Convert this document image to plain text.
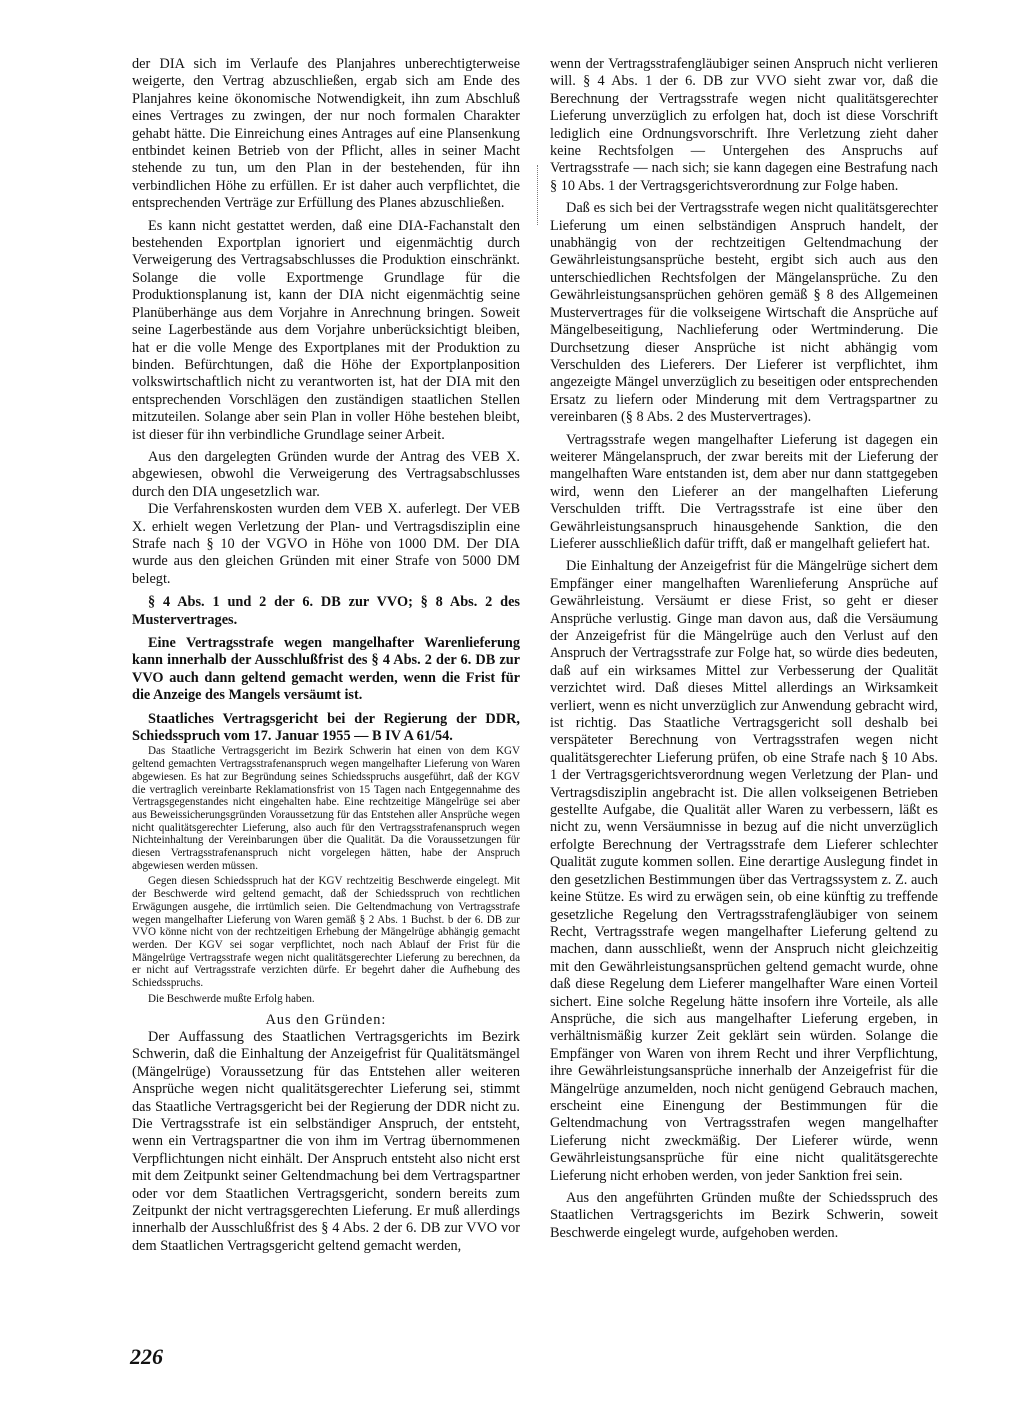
der DIA sich im Verlaufe des Planjahres unberechtigterweise weigerte, den Vertrag abzuschließen, ergab sich am Ende des Planjahres keine ökonomische Notwendigkeit, ihn zum Abschluß eines Vertrages zu zwingen, der nur noch formalen Charakter gehabt hätte. Die Einreichung eines Antrages auf eine Plansenkung entbindet keinen Betrieb von der Pflicht, alles in seiner Macht stehende zu tun, um den Plan in der bestehenden, für ihn verbindlichen Höhe zu erfüllen. Er ist daher auch verpflichtet, die entsprechenden Verträge zur Erfüllung des Planes abzuschließen.

Es kann nicht gestattet werden, daß eine DIA-Fachanstalt den bestehenden Exportplan ignoriert und eigenmächtig durch Verweigerung des Vertragsabschlusses die Produktion einschränkt. Solange die volle Exportmenge Grundlage für die Produktionsplanung ist, kann der DIA nicht eigenmächtig seine Planüberhänge aus dem Vorjahre in Anrechnung bringen. Soweit seine Lagerbestände aus dem Vorjahre unberücksichtigt bleiben, hat er die volle Menge des Exportplanes mit der Produktion zu binden. Befürchtungen, daß die Höhe der Exportplanposition volkswirtschaftlich nicht zu verantworten ist, hat der DIA mit den entsprechenden Vorschlägen den zuständigen staatlichen Stellen mitzuteilen. Solange aber sein Plan in voller Höhe bestehen bleibt, ist dieser für ihn verbindliche Grundlage seiner Arbeit.

Aus den dargelegten Gründen wurde der Antrag des VEB X. abgewiesen, obwohl die Verweigerung des Vertragsabschlusses durch den DIA ungesetzlich war.

Die Verfahrenskosten wurden dem VEB X. auferlegt. Der VEB X. erhielt wegen Verletzung der Plan- und Vertragsdisziplin eine Strafe nach § 10 der VGVO in Höhe von 1000 DM. Der DIA wurde aus den gleichen Gründen mit einer Strafe von 5000 DM belegt.

§ 4 Abs. 1 und 2 der 6. DB zur VVO; § 8 Abs. 2 des Mustervertrages.

Eine Vertragsstrafe wegen mangelhafter Warenlieferung kann innerhalb der Ausschlußfrist des § 4 Abs. 2 der 6. DB zur VVO auch dann geltend gemacht werden, wenn die Frist für die Anzeige des Mangels versäumt ist.

Staatliches Vertragsgericht bei der Regierung der DDR, Schiedsspruch vom 17. Januar 1955 — B IV A 61/54.

Das Staatliche Vertragsgericht im Bezirk Schwerin hat einen von dem KGV geltend gemachten Vertragsstrafenanspruch wegen mangelhafter Lieferung von Waren abgewiesen. Es hat zur Begründung seines Schiedsspruchs ausgeführt, daß der KGV die vertraglich vereinbarte Reklamationsfrist von 15 Tagen nach Entgegennahme des Vertragsgegenstandes nicht eingehalten habe. Eine rechtzeitige Mängelrüge sei aber aus Beweissicherungsgründen Voraussetzung für das Entstehen aller Ansprüche wegen nicht qualitätsgerechter Lieferung, also auch für den Vertragsstrafenanspruch wegen Nichteinhaltung der Vereinbarungen über die Qualität. Da die Voraussetzungen für diesen Vertragsstrafenanspruch nicht vorgelegen hätten, habe der Anspruch abgewiesen werden müssen.

Gegen diesen Schiedsspruch hat der KGV rechtzeitig Beschwerde eingelegt. Mit der Beschwerde wird geltend gemacht, daß der Schiedsspruch von rechtlichen Erwägungen ausgehe, die irrtümlich seien. Die Geltendmachung von Vertragsstrafe wegen mangelhafter Lieferung von Waren gemäß § 2 Abs. 1 Buchst. b der 6. DB zur VVO könne nicht von der rechtzeitigen Erhebung der Mängelrüge abhängig gemacht werden. Der KGV sei sogar verpflichtet, noch nach Ablauf der Frist für die Mängelrüge Vertragsstrafe wegen nicht qualitätsgerechter Lieferung zu berechnen, da er nicht auf Vertragsstrafe verzichten dürfe. Er begehrt daher die Aufhebung des Schiedsspruchs.

Die Beschwerde mußte Erfolg haben.

Aus den Gründen:

Der Auffassung des Staatlichen Vertragsgerichts im Bezirk Schwerin, daß die Einhaltung der Anzeigefrist für Qualitätsmängel (Mängelrüge) Voraussetzung für das Entstehen aller weiteren Ansprüche wegen nicht qualitätsgerechter Lieferung sei, stimmt das Staatliche Vertragsgericht bei der Regierung der DDR nicht zu. Die Vertragsstrafe ist ein selbständiger Anspruch, der entsteht, wenn ein Vertragspartner die von ihm im Vertrag übernommenen Verpflichtungen nicht einhält. Der Anspruch entsteht also nicht erst mit dem Zeitpunkt seiner Geltendmachung bei dem Vertragspartner oder vor dem Staatlichen Vertragsgericht, sondern bereits zum Zeitpunkt der nicht vertragsgerechten Lieferung. Er muß allerdings innerhalb der Ausschlußfrist des § 4 Abs. 2 der 6. DB zur VVO vor dem Staatlichen Vertragsgericht geltend gemacht werden,

wenn der Vertragsstrafengläubiger seinen Anspruch nicht verlieren will. § 4 Abs. 1 der 6. DB zur VVO sieht zwar vor, daß die Berechnung der Vertragsstrafe wegen nicht qualitätsgerechter Lieferung unverzüglich zu erfolgen hat, doch ist diese Vorschrift lediglich eine Ordnungsvorschrift. Ihre Verletzung zieht daher keine Rechtsfolgen — Untergehen des Anspruchs auf Vertragsstrafe — nach sich; sie kann dagegen eine Bestrafung nach § 10 Abs. 1 der Vertragsgerichtsverordnung zur Folge haben.

Daß es sich bei der Vertragsstrafe wegen nicht qualitätsgerechter Lieferung um einen selbständigen Anspruch handelt, der unabhängig von der rechtzeitigen Geltendmachung der Gewährleistungsansprüche besteht, ergibt sich auch aus den unterschiedlichen Rechtsfolgen der Mängelansprüche. Zu den Gewährleistungsansprüchen gehören gemäß § 8 des Allgemeinen Mustervertrages für die volkseigene Wirtschaft die Ansprüche auf Mängelbeseitigung, Nachlieferung oder Wertminderung. Die Durchsetzung dieser Ansprüche ist nicht abhängig vom Verschulden des Lieferers. Der Lieferer ist verpflichtet, ihm angezeigte Mängel unverzüglich zu beseitigen oder entsprechenden Ersatz zu liefern oder Minderung mit dem Vertragspartner zu vereinbaren (§ 8 Abs. 2 des Mustervertrages).

Vertragsstrafe wegen mangelhafter Lieferung ist dagegen ein weiterer Mängelanspruch, der zwar bereits mit der Lieferung der mangelhaften Ware entstanden ist, dem aber nur dann stattgegeben wird, wenn den Lieferer an der mangelhaften Lieferung Verschulden trifft. Die Vertragsstrafe ist eine über den Gewährleistungsanspruch hinausgehende Sanktion, die den Lieferer ausschließlich dafür trifft, daß er mangelhaft geliefert hat.

Die Einhaltung der Anzeigefrist für die Mängelrüge sichert dem Empfänger einer mangelhaften Warenlieferung Ansprüche auf Gewährleistung. Versäumt er diese Frist, so geht er dieser Ansprüche verlustig. Ginge man davon aus, daß die Versäumung der Anzeigefrist für die Mängelrüge auch den Verlust auf den Anspruch der Vertragsstrafe zur Folge hat, so würde dies bedeuten, daß auf ein wirksames Mittel zur Verbesserung der Qualität verzichtet wird. Daß dieses Mittel allerdings an Wirksamkeit verliert, wenn es nicht unverzüglich zur Anwendung gebracht wird, ist richtig. Das Staatliche Vertragsgericht soll deshalb bei verspäteter Berechnung von Vertragsstrafen wegen nicht qualitätsgerechter Lieferung prüfen, ob eine Strafe nach § 10 Abs. 1 der Vertragsgerichtsverordnung wegen Verletzung der Plan- und Vertragsdisziplin angebracht ist. Die allen volkseigenen Betrieben gestellte Aufgabe, die Qualität aller Waren zu verbessern, läßt es nicht zu, wenn Versäumnisse in bezug auf die nicht unverzüglich erfolgte Berechnung der Vertragsstrafe dem Lieferer schlechter Qualität zugute kommen sollen. Eine derartige Auslegung findet in den gesetzlichen Bestimmungen über das Vertragssystem z. Z. auch keine Stütze. Es wird zu erwägen sein, ob eine künftig zu treffende gesetzliche Regelung den Vertragsstrafengläubiger von seinem Recht, Vertragsstrafe wegen mangelhafter Lieferung geltend zu machen, dann ausschließt, wenn der Anspruch nicht gleichzeitig mit den Gewährleistungsansprüchen geltend gemacht wurde, ohne daß diese Regelung dem Lieferer mangelhafter Ware einen Vorteil sichert. Eine solche Regelung hätte insofern ihre Vorteile, als alle Ansprüche, die sich aus mangelhafter Lieferung ergeben, in verhältnismäßig kurzer Zeit geklärt sein würden. Solange die Empfänger von Waren von ihrem Recht und ihrer Verpflichtung, ihre Gewährleistungsansprüche innerhalb der Anzeigefrist für die Mängelrüge anzumelden, noch nicht genügend Gebrauch machen, erscheint eine Einengung der Bestimmungen für die Geltendmachung von Vertragsstrafen wegen mangelhafter Lieferung nicht zweckmäßig. Der Lieferer würde, wenn Gewährleistungsansprüche für eine nicht qualitätsgerechte Lieferung nicht erhoben werden, von jeder Sanktion frei sein.

Aus den angeführten Gründen mußte der Schiedsspruch des Staatlichen Vertragsgerichts im Bezirk Schwerin, soweit Beschwerde eingelegt wurde, aufgehoben werden.

226
